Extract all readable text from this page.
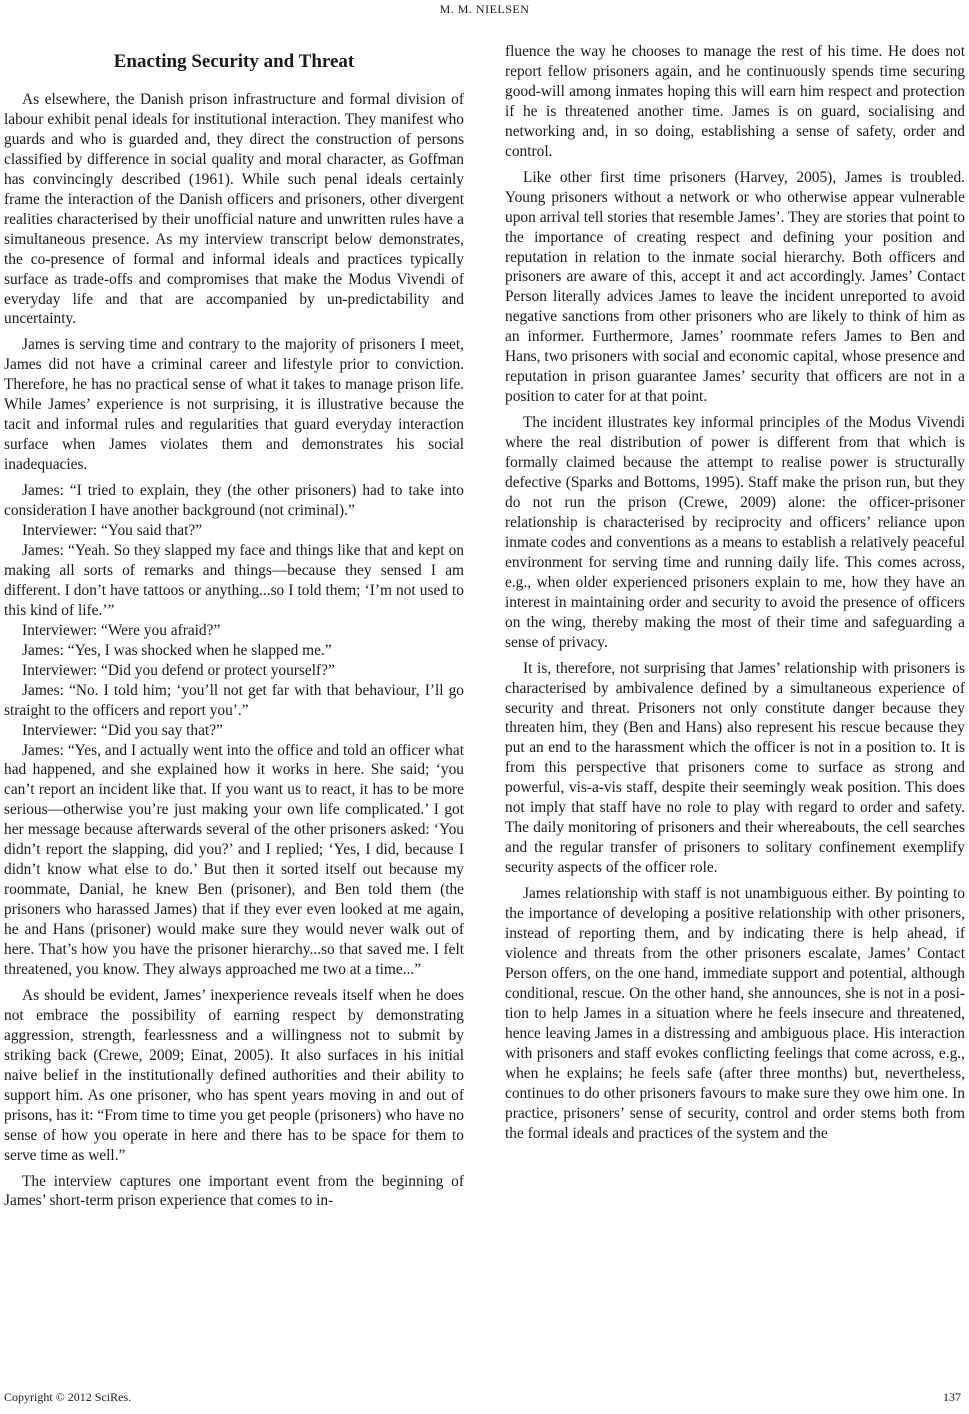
M. M. NIELSEN
Enacting Security and Threat

As elsewhere, the Danish prison infrastructure and formal division of labour exhibit penal ideals for institutional interaction. They manifest who guards and who is guarded and, they direct the construction of persons classified by difference in social quality and moral character, as Goffman has convincingly described (1961). While such penal ideals certainly frame the interaction of the Danish officers and prisoners, other divergent realities characterised by their unofficial nature and unwritten rules have a simultaneous presence. As my interview transcript below demonstrates, the co-presence of formal and informal ideals and practices typically surface as trade-offs and compromises that make the Modus Vivendi of everyday life and that are accompanied by un-predictability and uncertainty.

James is serving time and contrary to the majority of prisoners I meet, James did not have a criminal career and lifestyle prior to conviction. Therefore, he has no practical sense of what it takes to manage prison life. While James’ experience is not surprising, it is illustrative because the tacit and informal rules and regularities that guard everyday interaction surface when James violates them and demonstrates his social inadequacies.

James: “I tried to explain, they (the other prisoners) had to take into consideration I have another background (not criminal).”

Interviewer: “You said that?”

James: “Yeah. So they slapped my face and things like that and kept on making all sorts of remarks and things—because they sensed I am different. I don’t have tattoos or anything...so I told them; ‘I’m not used to this kind of life.’”

Interviewer: “Were you afraid?”

James: “Yes, I was shocked when he slapped me.”

Interviewer: “Did you defend or protect yourself?”

James: “No. I told him; ‘you’ll not get far with that behaviour, I’ll go straight to the officers and report you’.”

Interviewer: “Did you say that?”

James: “Yes, and I actually went into the office and told an officer what had happened, and she explained how it works in here. She said; ‘you can’t report an incident like that. If you want us to react, it has to be more serious—otherwise you’re just making your own life complicated.’ I got her message because afterwards several of the other prisoners asked: ‘You didn’t report the slapping, did you?’ and I replied; ‘Yes, I did, because I didn’t know what else to do.’ But then it sorted itself out because my roommate, Danial, he knew Ben (prisoner), and Ben told them (the prisoners who harassed James) that if they ever even looked at me again, he and Hans (prisoner) would make sure they would never walk out of here. That’s how you have the prisoner hierarchy...so that saved me. I felt threatened, you know. They always approached me two at a time...”

As should be evident, James’ inexperience reveals itself when he does not embrace the possibility of earning respect by demonstrating aggression, strength, fearlessness and a willingness not to submit by striking back (Crewe, 2009; Einat, 2005). It also surfaces in his initial naive belief in the institutionally defined authorities and their ability to support him. As one prisoner, who has spent years moving in and out of prisons, has it: “From time to time you get people (prisoners) who have no sense of how you operate in here and there has to be space for them to serve time as well.”

The interview captures one important event from the beginning of James’ short-term prison experience that comes to in-

fluence the way he chooses to manage the rest of his time. He does not report fellow prisoners again, and he continuously spends time securing good-will among inmates hoping this will earn him respect and protection if he is threatened another time. James is on guard, socialising and networking and, in so doing, establishing a sense of safety, order and control.

Like other first time prisoners (Harvey, 2005), James is troubled. Young prisoners without a network or who otherwise appear vulnerable upon arrival tell stories that resemble James’. They are stories that point to the importance of creating respect and defining your position and reputation in relation to the inmate social hierarchy. Both officers and prisoners are aware of this, accept it and act accordingly. James’ Contact Person literally advices James to leave the incident unreported to avoid negative sanctions from other prisoners who are likely to think of him as an informer. Furthermore, James’ roommate refers James to Ben and Hans, two prisoners with social and economic capital, whose presence and reputation in prison guarantee James’ security that officers are not in a position to cater for at that point.

The incident illustrates key informal principles of the Modus Vivendi where the real distribution of power is different from that which is formally claimed because the attempt to realise power is structurally defective (Sparks and Bottoms, 1995). Staff make the prison run, but they do not run the prison (Crewe, 2009) alone: the officer-prisoner relationship is characterised by reciprocity and officers’ reliance upon inmate codes and conventions as a means to establish a relatively peaceful environment for serving time and running daily life. This comes across, e.g., when older experienced prisoners explain to me, how they have an interest in maintaining order and security to avoid the presence of officers on the wing, thereby making the most of their time and safeguarding a sense of privacy.

It is, therefore, not surprising that James’ relationship with prisoners is characterised by ambivalence defined by a simultaneous experience of security and threat. Prisoners not only constitute danger because they threaten him, they (Ben and Hans) also represent his rescue because they put an end to the harassment which the officer is not in a position to. It is from this perspective that prisoners come to surface as strong and powerful, vis-a-vis staff, despite their seemingly weak position. This does not imply that staff have no role to play with regard to order and safety. The daily monitoring of prisoners and their whereabouts, the cell searches and the regular transfer of prisoners to solitary confinement exemplify security aspects of the officer role.

James relationship with staff is not unambiguous either. By pointing to the importance of developing a positive relationship with other prisoners, instead of reporting them, and by indicating there is help ahead, if violence and threats from the other prisoners escalate, James’ Contact Person offers, on the one hand, immediate support and potential, although conditional, rescue. On the other hand, she announces, she is not in a position to help James in a situation where he feels insecure and threatened, hence leaving James in a distressing and ambiguous place. His interaction with prisoners and staff evokes conflicting feelings that come across, e.g., when he explains; he feels safe (after three months) but, nevertheless, continues to do other prisoners favours to make sure they owe him one. In practice, prisoners’ sense of security, control and order stems both from the formal ideals and practices of the system and the

Copyright © 2012 SciRes.	137
